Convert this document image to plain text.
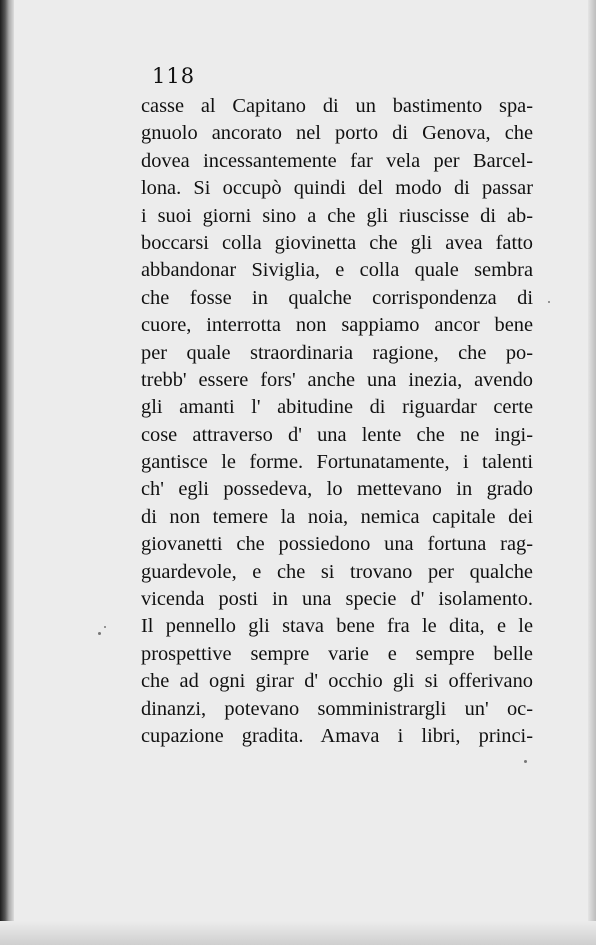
118
casse al Capitano di un bastimento spa-
gnuolo ancorato nel porto di Genova, che
dovea incessantemente far vela per Barcel-
lona. Si occupò quindi del modo di passar
i suoi giorni sino a che gli riuscisse di ab-
boccarsi colla giovinetta che gli avea fatto
abbandonar Siviglia, e colla quale sembra
che fosse in qualche corrispondenza di
cuore, interrotta non sappiamo ancor bene
per quale straordinaria ragione, che po-
trebb' essere fors' anche una inezia, avendo
gli amanti l' abitudine di riguardar certe
cose attraverso d' una lente che ne ingi-
gantisce le forme. Fortunatamente, i talenti
ch' egli possedeva, lo mettevano in grado
di non temere la noia, nemica capitale dei
giovanetti che possiedono una fortuna rag-
guardevole, e che si trovano per qualche
vicenda posti in una specie d' isolamento.
Il pennello gli stava bene fra le dita, e le
prospettive sempre varie e sempre belle
che ad ogni girar d' occhio gli si offerivano
dinanzi, potevano somministrargli un' oc-
cupazione gradita. Amava i libri, princi-
